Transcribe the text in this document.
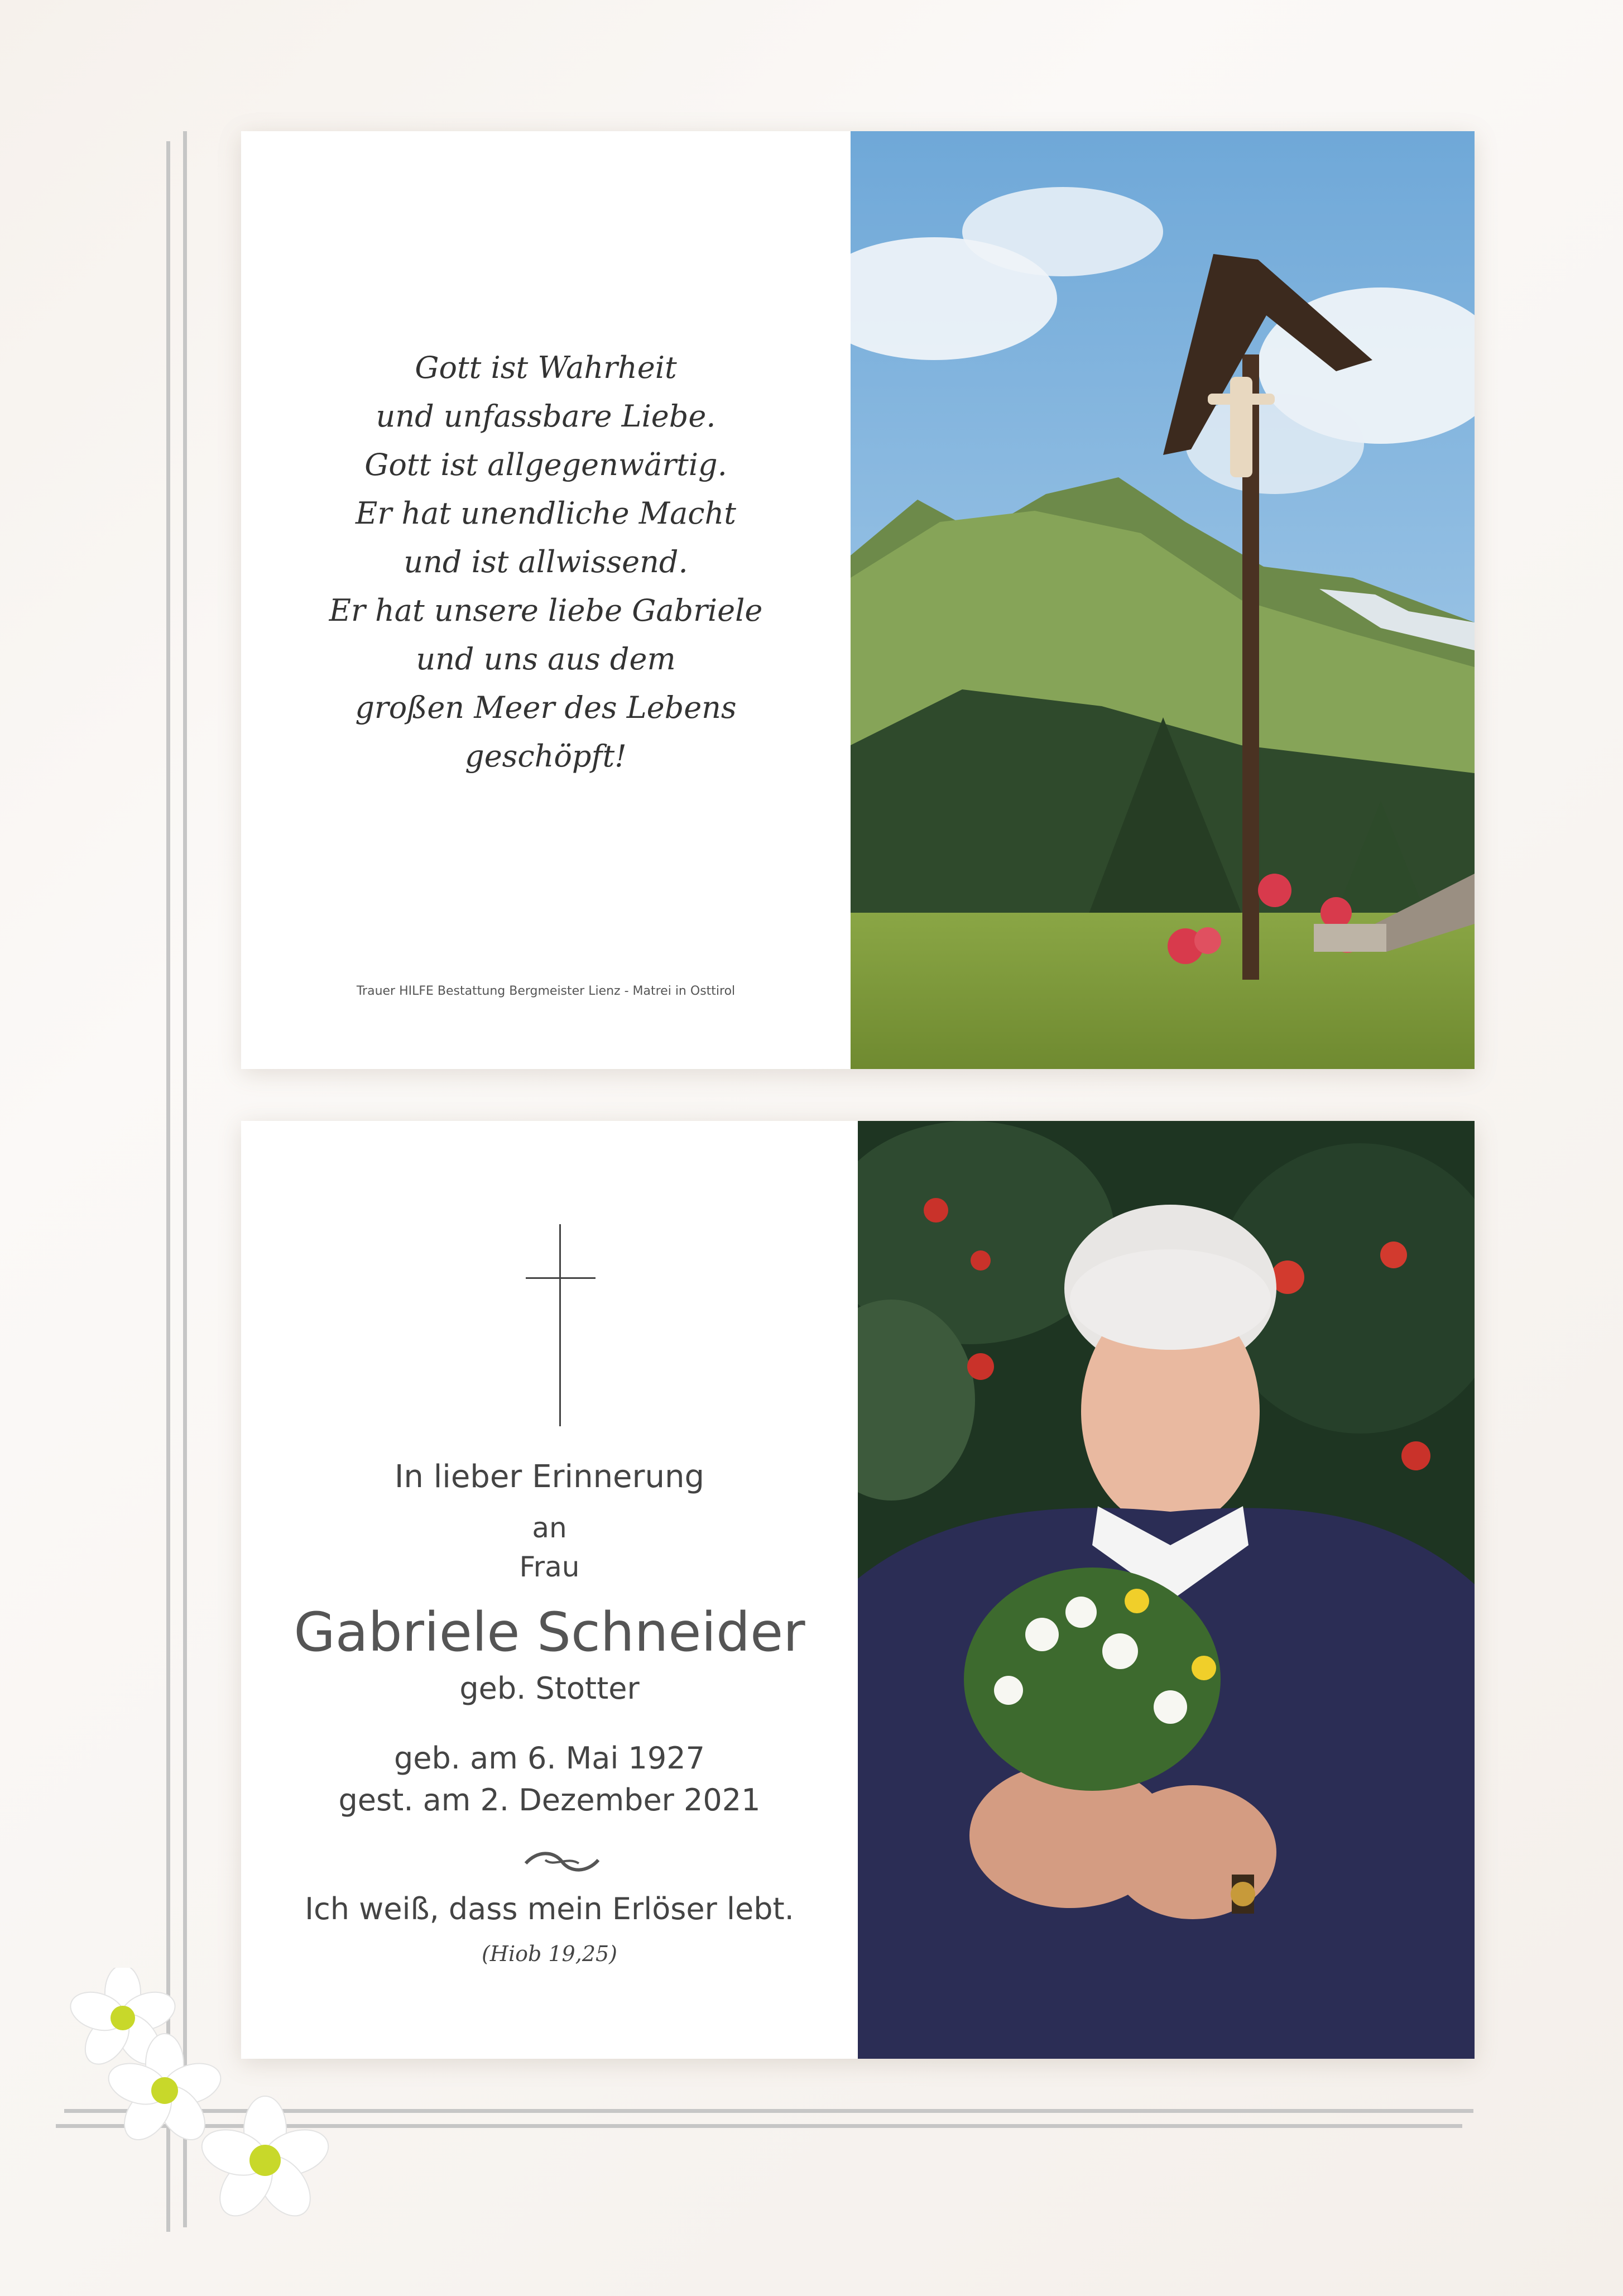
Gott ist Wahrheit
und unfassbare Liebe.
Gott ist allgegenwärtig.
Er hat unendliche Macht
und ist allwissend.
Er hat unsere liebe Gabriele
und uns aus dem
großen Meer des Lebens
geschöpft!
Trauer HILFE Bestattung Bergmeister Lienz - Matrei in Osttirol
In lieber Erinnerung
an
Frau
Gabriele Schneider
geb. Stotter
geb. am 6. Mai 1927
gest. am 2. Dezember 2021
Ich weiß, dass mein Erlöser lebt.
(Hiob 19,25)
